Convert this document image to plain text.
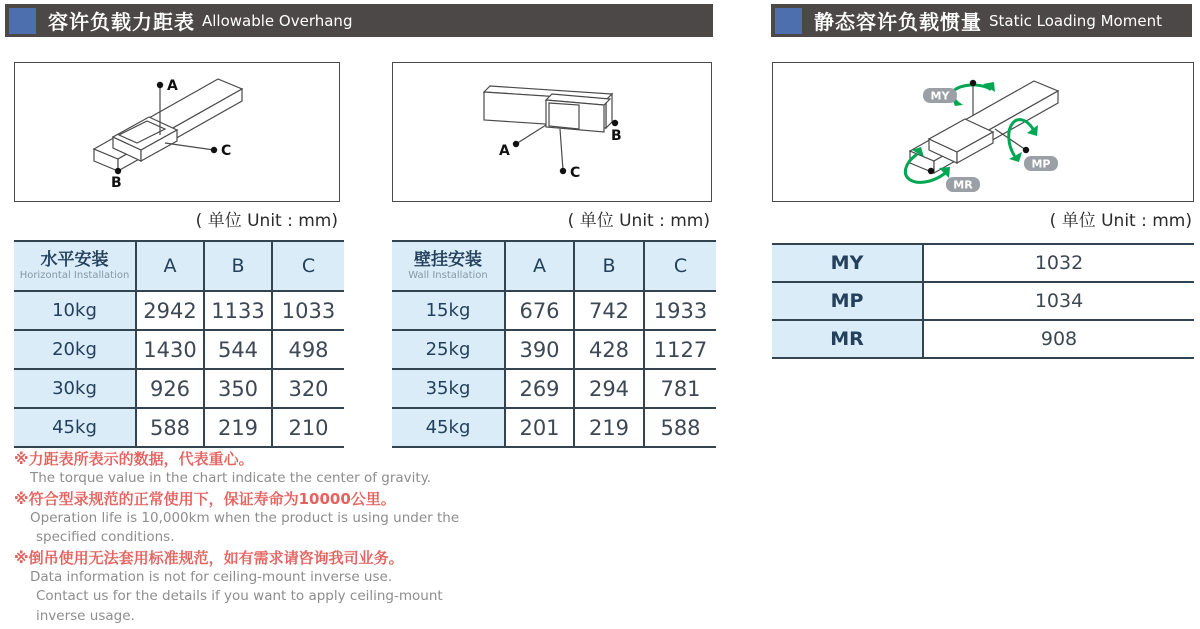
容许负载力距表 Allowable Overhang	静态容许负载惯量 Static Loading Moment
A
C
B
A
B
C
MY
MP
MR
( 单位 Unit : mm)	( 单位 Unit : mm)	( 单位 Unit : mm)
水平安装
Horizontal Installation	A	B	C
10kg	2942	1133	1033
20kg	1430	544	498
30kg	926	350	320
45kg	588	219	210
壁挂安装
Wall Installation	A	B	C
15kg	676	742	1933
25kg	390	428	1127
35kg	269	294	781
45kg	201	219	588
MY	1032
MP	1034
MR	908
※力距表所表示的数据，代表重心。
The torque value in the chart indicate the center of gravity.
※符合型录规范的正常使用下，保证寿命为10000公里。
Operation life is 10,000km when the product is using under the
specified conditions.
※倒吊使用无法套用标准规范，如有需求请咨询我司业务。
Data information is not for ceiling-mount inverse use.
Contact us for the details if you want to apply ceiling-mount
inverse usage.
